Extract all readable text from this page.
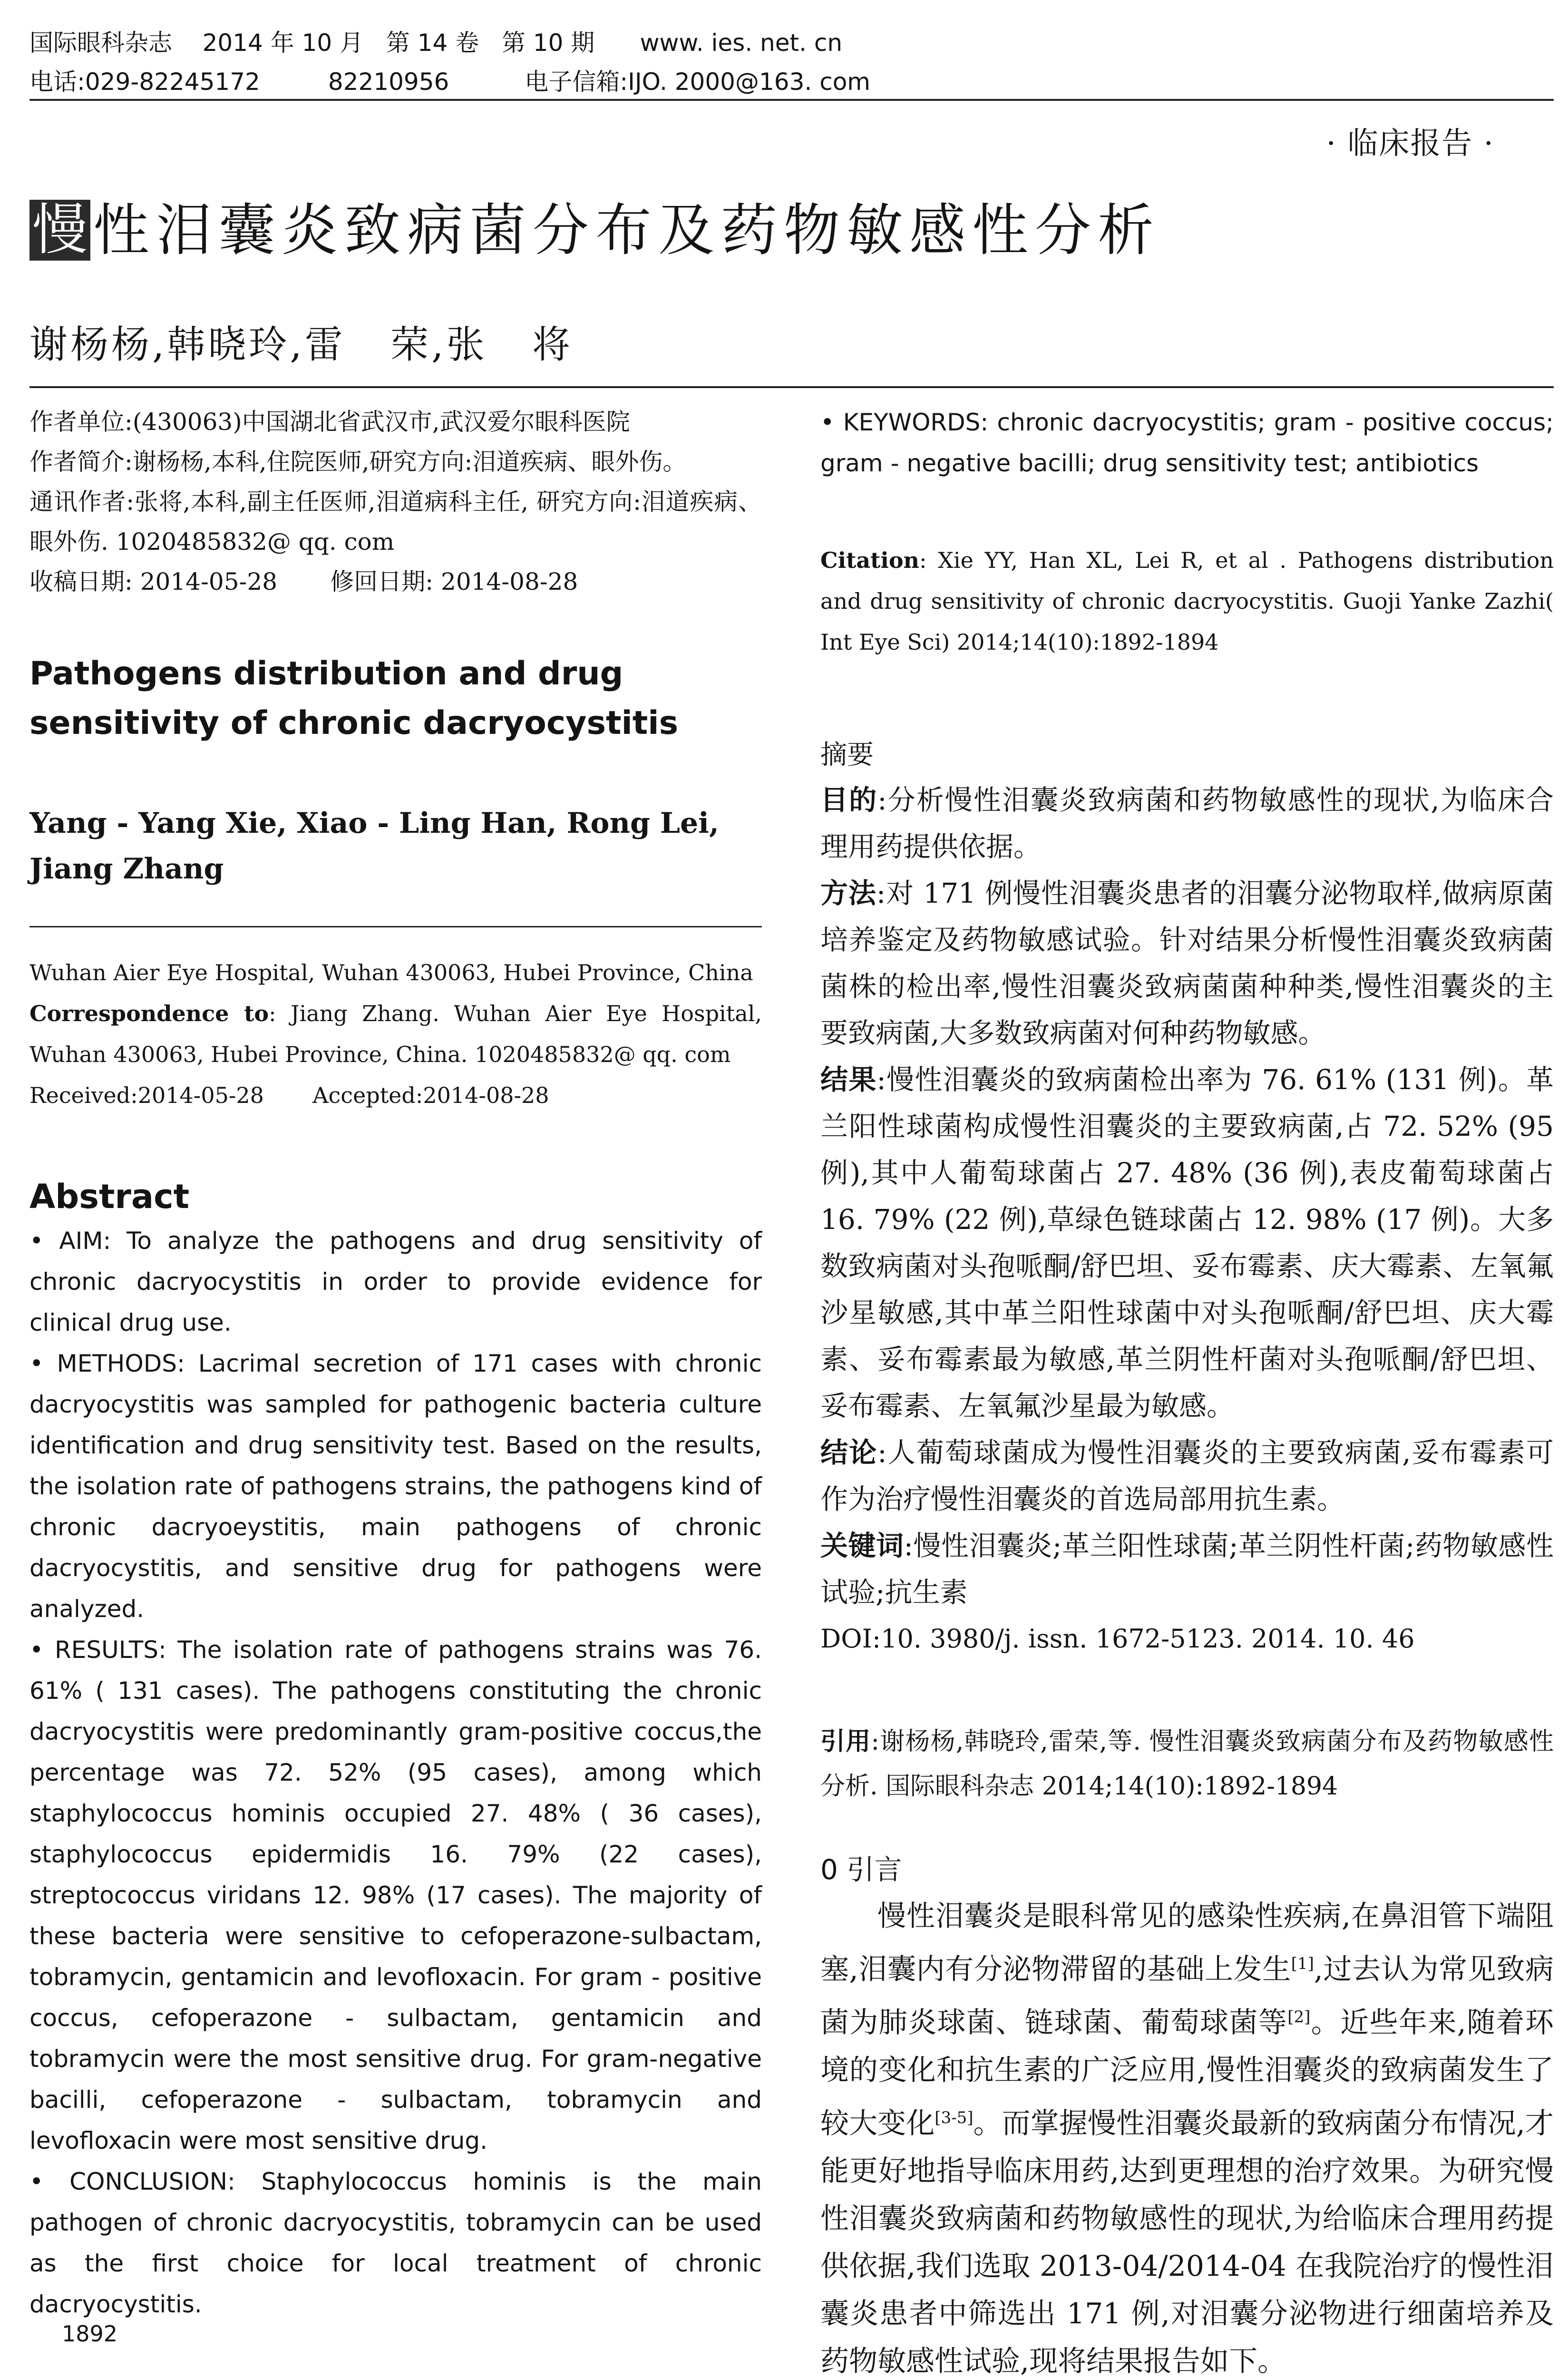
国际眼科杂志    2014 年 10 月   第 14 卷   第 10 期      www. ies. net. cn
电话:029-82245172         82210956          电子信箱:IJO. 2000@163. com
· 临床报告 ·
慢 性泪囊炎致病菌分布及药物敏感性分析
谢杨杨,韩晓玲,雷   荣,张   将

作者单位:(430063)中国湖北省武汉市,武汉爱尔眼科医院

作者简介:谢杨杨,本科,住院医师,研究方向:泪道疾病、眼外伤。

通讯作者:张将,本科,副主任医师,泪道病科主任, 研究方向:泪道疾病、眼外伤. 1020485832@ qq. com

收稿日期: 2014-05-28       修回日期: 2014-08-28

Pathogens distribution and drug sensitivity of chronic dacryocystitis

Yang - Yang Xie, Xiao - Ling Han, Rong Lei, Jiang Zhang

Wuhan Aier Eye Hospital, Wuhan 430063, Hubei Province, China

Correspondence to: Jiang Zhang. Wuhan Aier Eye Hospital, Wuhan 430063, Hubei Province, China. 1020485832@ qq. com

Received:2014-05-28       Accepted:2014-08-28

Abstract

• AIM: To analyze the pathogens and drug sensitivity of chronic dacryocystitis in order to provide evidence for clinical drug use.

• METHODS: Lacrimal secretion of 171 cases with chronic dacryocystitis was sampled for pathogenic bacteria culture identification and drug sensitivity test. Based on the results, the isolation rate of pathogens strains, the pathogens kind of chronic dacryoeystitis, main pathogens of chronic dacryocystitis, and sensitive drug for pathogens were analyzed.

• RESULTS: The isolation rate of pathogens strains was 76. 61% ( 131 cases). The pathogens constituting the chronic dacryocystitis were predominantly gram-positive coccus,the percentage was 72. 52% (95 cases), among which staphylococcus hominis occupied 27. 48% ( 36 cases), staphylococcus epidermidis 16. 79% (22 cases), streptococcus viridans 12. 98% (17 cases). The majority of these bacteria were sensitive to cefoperazone-sulbactam, tobramycin, gentamicin and levofloxacin. For gram - positive coccus, cefoperazone - sulbactam, gentamicin and tobramycin were the most sensitive drug. For gram-negative bacilli, cefoperazone - sulbactam, tobramycin and levofloxacin were most sensitive drug.

• CONCLUSION: Staphylococcus hominis is the main pathogen of chronic dacryocystitis, tobramycin can be used as the first choice for local treatment of chronic dacryocystitis.

1892

• KEYWORDS: chronic dacryocystitis; gram - positive coccus; gram - negative bacilli; drug sensitivity test; antibiotics

Citation: Xie YY, Han XL, Lei R, et al . Pathogens distribution and drug sensitivity of chronic dacryocystitis. Guoji Yanke Zazhi( Int Eye Sci) 2014;14(10):1892-1894

摘要

目的:分析慢性泪囊炎致病菌和药物敏感性的现状,为临床合理用药提供依据。

方法:对 171 例慢性泪囊炎患者的泪囊分泌物取样,做病原菌培养鉴定及药物敏感试验。针对结果分析慢性泪囊炎致病菌菌株的检出率,慢性泪囊炎致病菌菌种种类,慢性泪囊炎的主要致病菌,大多数致病菌对何种药物敏感。

结果:慢性泪囊炎的致病菌检出率为 76. 61% (131 例)。革兰阳性球菌构成慢性泪囊炎的主要致病菌,占 72. 52% (95 例),其中人葡萄球菌占 27. 48% (36 例),表皮葡萄球菌占 16. 79% (22 例),草绿色链球菌占 12. 98% (17 例)。大多数致病菌对头孢哌酮/舒巴坦、妥布霉素、庆大霉素、左氧氟沙星敏感,其中革兰阳性球菌中对头孢哌酮/舒巴坦、庆大霉素、妥布霉素最为敏感,革兰阴性杆菌对头孢哌酮/舒巴坦、妥布霉素、左氧氟沙星最为敏感。

结论:人葡萄球菌成为慢性泪囊炎的主要致病菌,妥布霉素可作为治疗慢性泪囊炎的首选局部用抗生素。

关键词:慢性泪囊炎;革兰阳性球菌;革兰阴性杆菌;药物敏感性试验;抗生素

DOI:10. 3980/j. issn. 1672-5123. 2014. 10. 46

引用:谢杨杨,韩晓玲,雷荣,等. 慢性泪囊炎致病菌分布及药物敏感性分析. 国际眼科杂志 2014;14(10):1892-1894

0 引言

慢性泪囊炎是眼科常见的感染性疾病,在鼻泪管下端阻塞,泪囊内有分泌物滞留的基础上发生[1],过去认为常见致病菌为肺炎球菌、链球菌、葡萄球菌等[2]。近些年来,随着环境的变化和抗生素的广泛应用,慢性泪囊炎的致病菌发生了较大变化[3-5]。而掌握慢性泪囊炎最新的致病菌分布情况,才能更好地指导临床用药,达到更理想的治疗效果。为研究慢性泪囊炎致病菌和药物敏感性的现状,为给临床合理用药提供依据,我们选取 2013-04/2014-04 在我院治疗的慢性泪囊炎患者中筛选出 171 例,对泪囊分泌物进行细菌培养及药物敏感性试验,现将结果报告如下。
